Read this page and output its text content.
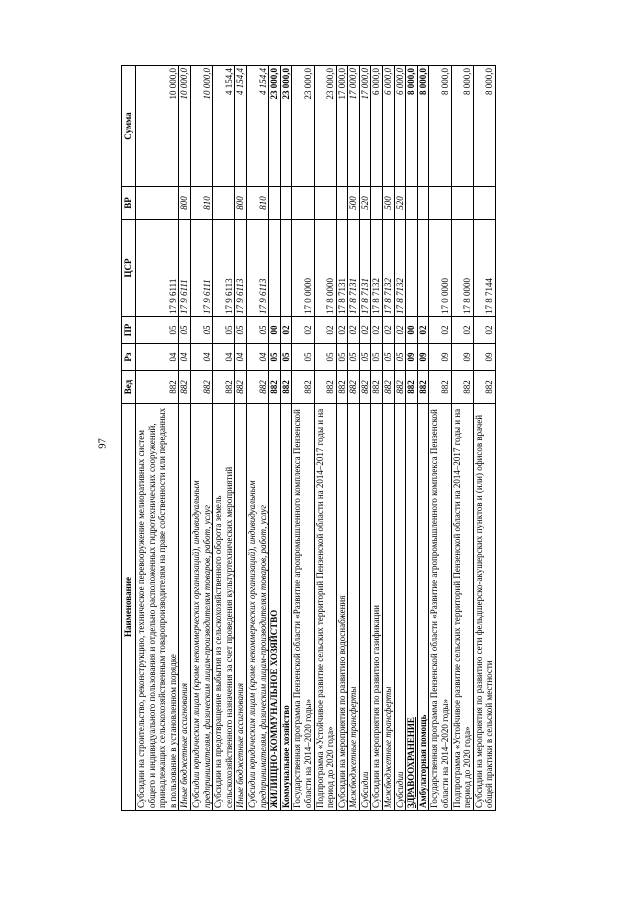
97
Наименование	Вед	Рз	ПР	ЦСР	ВР	Сумма
Субсидии на строительство, реконструкцию, техническое перевооружение мелиоративных систем общего и индивидуального пользования и отдельно расположенных гидротехнических сооружений, принадлежащих сельскохозяйственным товаропроизводителям на праве собственности или переданных в пользование в установленном порядке	882	04	05	17 9 6111		10 000,0
Иные бюджетные ассигнования	882	04	05	17 9 6111	800	10 000,0
Субсидии юридическим лицам (кроме некоммерческих организаций), индивидуальным предпринимателям, физическим лицам-производителям товаров, работ, услуг	882	04	05	17 9 6111	810	10 000,0
Субсидии на предотвращение выбытия из сельскохозяйственного оборота земель сельскохозяйственного назначения за счет проведения культуртехнических мероприятий	882	04	05	17 9 6113		4 154,4
Иные бюджетные ассигнования	882	04	05	17 9 6113	800	4 154,4
Субсидии юридическим лицам (кроме некоммерческих организаций), индивидуальным предпринимателям, физическим лицам-производителям товаров, работ, услуг	882	04	05	17 9 6113	810	4 154,4
ЖИЛИЩНО-КОММУНАЛЬНОЕ ХОЗЯЙСТВО	882	05	00			23 000,0
Коммунальное хозяйство	882	05	02			23 000,0
Государственная программа Пензенской области «Развитие агропромышленного комплекса Пензенской области на 2014–2020 годы»	882	05	02	17 0 0000		23 000,0
Подпрограмма «Устойчивое развитие сельских территорий Пензенской области на 2014–2017 годы и на период до 2020 года»	882	05	02	17 8 0000		23 000,0
Субсидии на мероприятия по развитию водоснабжения	882	05	02	17 8 7131		17 000,0
Межбюджетные трансферты	882	05	02	17 8 7131	500	17 000,0
Субсидии	882	05	02	17 8 7131	520	17 000,0
Субсидии на мероприятия по развитию газификации	882	05	02	17 8 7132		6 000,0
Межбюджетные трансферты	882	05	02	17 8 7132	500	6 000,0
Субсидии	882	05	02	17 8 7132	520	6 000,0
ЗДРАВООХРАНЕНИЕ	882	09	00			8 000,0
Амбулаторная помощь	882	09	02			8 000,0
Государственная программа Пензенской области «Развитие агропромышленного комплекса Пензенской области на 2014–2020 годы»	882	09	02	17 0 0000		8 000,0
Подпрограмма «Устойчивое развитие сельских территорий Пензенской области на 2014–2017 годы и на период до 2020 года»	882	09	02	17 8 0000		8 000,0
Субсидии на мероприятия по развитию сети фельдшерско-акушерских пунктов и (или) офисов врачей общей практики в сельской местности	882	09	02	17 8 7144		8 000,0
